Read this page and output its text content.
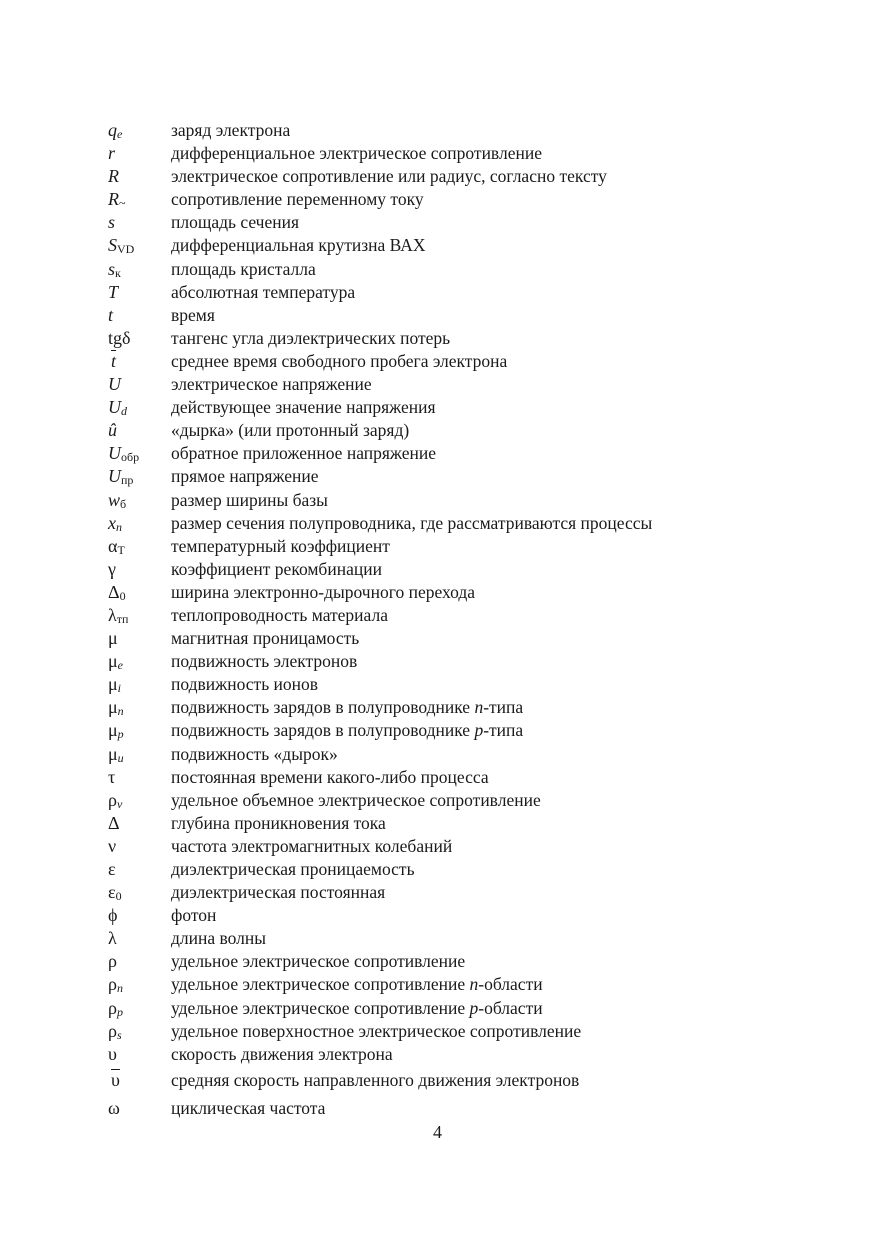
qe	заряд электрона
r	дифференциальное электрическое сопротивление
R	электрическое сопротивление или радиус, согласно тексту
R~	сопротивление переменному току
s	площадь сечения
SVD	дифференциальная крутизна ВАХ
sк	площадь кристалла
T	абсолютная температура
t	время
tgδ	тангенс угла диэлектрических потерь
$\overline{t}$	среднее время свободного пробега электрона
U	электрическое напряжение
Ud	действующее значение напряжения
û	«дырка» (или протонный заряд)
Uобр	обратное приложенное напряжение
Uпр	прямое напряжение
wб	размер ширины базы
xn	размер сечения полупроводника, где рассматриваются процессы
αТ	температурный коэффициент
γ	коэффициент рекомбинации
Δ0	ширина электронно-дырочного перехода
λтп	теплопроводность материала
μ	магнитная проницамость
μe	подвижность электронов
μi	подвижность ионов
μn	подвижность зарядов в полупроводнике n-типа
μp	подвижность зарядов в полупроводнике p-типа
μu	подвижность «дырок»
τ	постоянная времени какого-либо процесса
ρv	удельное объемное электрическое сопротивление
Δ	глубина проникновения тока
ν	частота электромагнитных колебаний
ε	диэлектрическая проницаемость
ε0	диэлектрическая постоянная
ϕ	фотон
λ	длина волны
ρ	удельное электрическое сопротивление
ρn	удельное электрическое сопротивление n-области
ρp	удельное электрическое сопротивление p-области
ρs	удельное поверхностное электрическое сопротивление
υ	скорость движения электрона
$\overline{\upsilon}$	средняя скорость направленного движения электронов
ω	циклическая частота
4
